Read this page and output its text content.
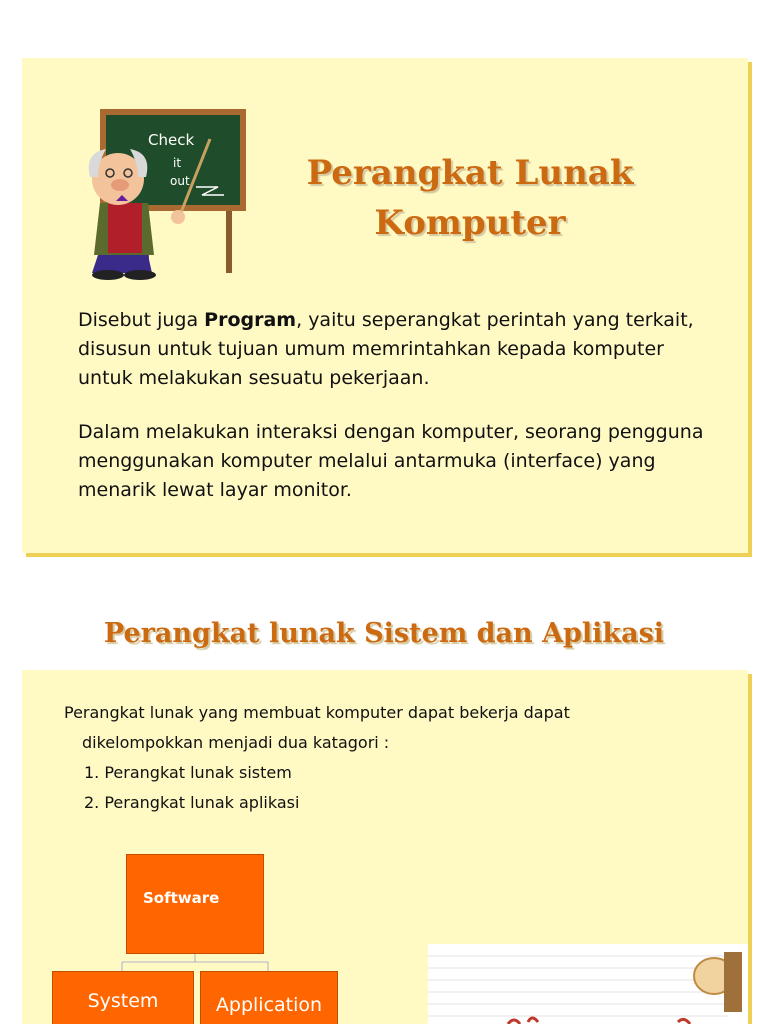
Check
it
out	Perangkat Lunak
Komputer
Disebut juga Program, yaitu seperangkat perintah yang terkait, disusun untuk tujuan umum memrintahkan kepada komputer untuk melakukan sesuatu pekerjaan.
Dalam melakukan interaksi dengan komputer, seorang pengguna menggunakan komputer melalui antarmuka (interface) yang menarik lewat layar monitor.
Perangkat lunak Sistem dan Aplikasi
Perangkat lunak yang membuat komputer dapat bekerja dapat
dikelompokkan menjadi dua katagori :
1. Perangkat lunak sistem
2. Perangkat lunak aplikasi
Software
System	Application
